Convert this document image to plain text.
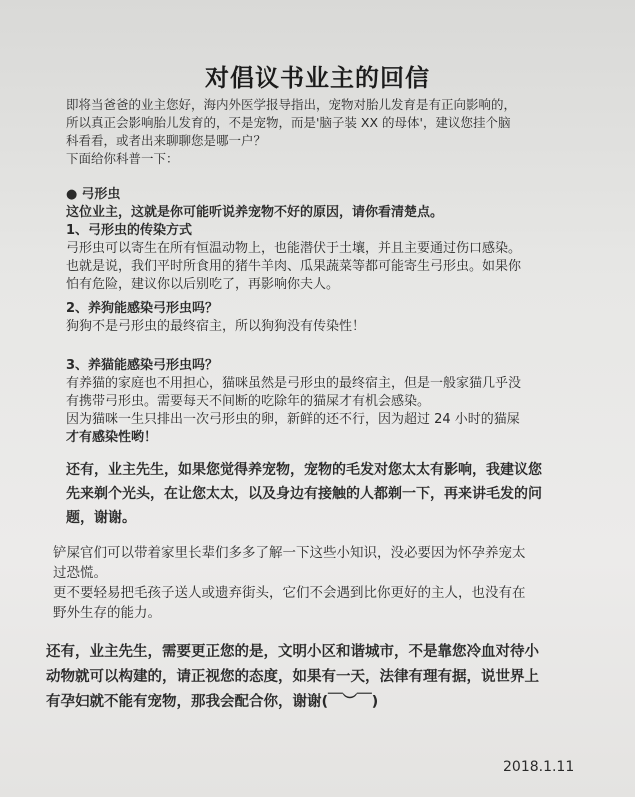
对倡议书业主的回信

即将当爸爸的业主您好，海内外医学报导指出，宠物对胎儿发育是有正向影响的，

所以真正会影响胎儿发育的，不是宠物，而是'脑子装 XX 的母体'，建议您挂个脑

科看看，或者出来聊聊您是哪一户？

下面给你科普一下：

● 弓形虫

这位业主，这就是你可能听说养宠物不好的原因，请你看清楚点。

1、弓形虫的传染方式

弓形虫可以寄生在所有恒温动物上，也能潜伏于土壤，并且主要通过伤口感染。

也就是说，我们平时所食用的猪牛羊肉、瓜果蔬菜等都可能寄生弓形虫。如果你

怕有危险，建议你以后别吃了，再影响你夫人。

2、养狗能感染弓形虫吗？

狗狗不是弓形虫的最终宿主，所以狗狗没有传染性！

3、养猫能感染弓形虫吗？

有养猫的家庭也不用担心，猫咪虽然是弓形虫的最终宿主，但是一般家猫几乎没

有携带弓形虫。需要每天不间断的吃除年的猫屎才有机会感染。

因为猫咪一生只排出一次弓形虫的卵，新鲜的还不行，因为超过 24 小时的猫屎

才有感染性哟！

还有，业主先生，如果您觉得养宠物，宠物的毛发对您太太有影响，我建议您

先来剃个光头，在让您太太，以及身边有接触的人都剃一下，再来讲毛发的问

题，谢谢。

铲屎官们可以带着家里长辈们多多了解一下这些小知识，没必要因为怀孕养宠太

过恐慌。

更不要轻易把毛孩子送人或遗弃街头，它们不会遇到比你更好的主人，也没有在

野外生存的能力。

还有，业主先生，需要更正您的是，文明小区和谐城市，不是靠您冷血对待小

动物就可以构建的，请正视您的态度，如果有一天，法律有理有据，说世界上

有孕妇就不能有宠物，那我会配合你，谢谢(￣︶￣)

2018.1.11
